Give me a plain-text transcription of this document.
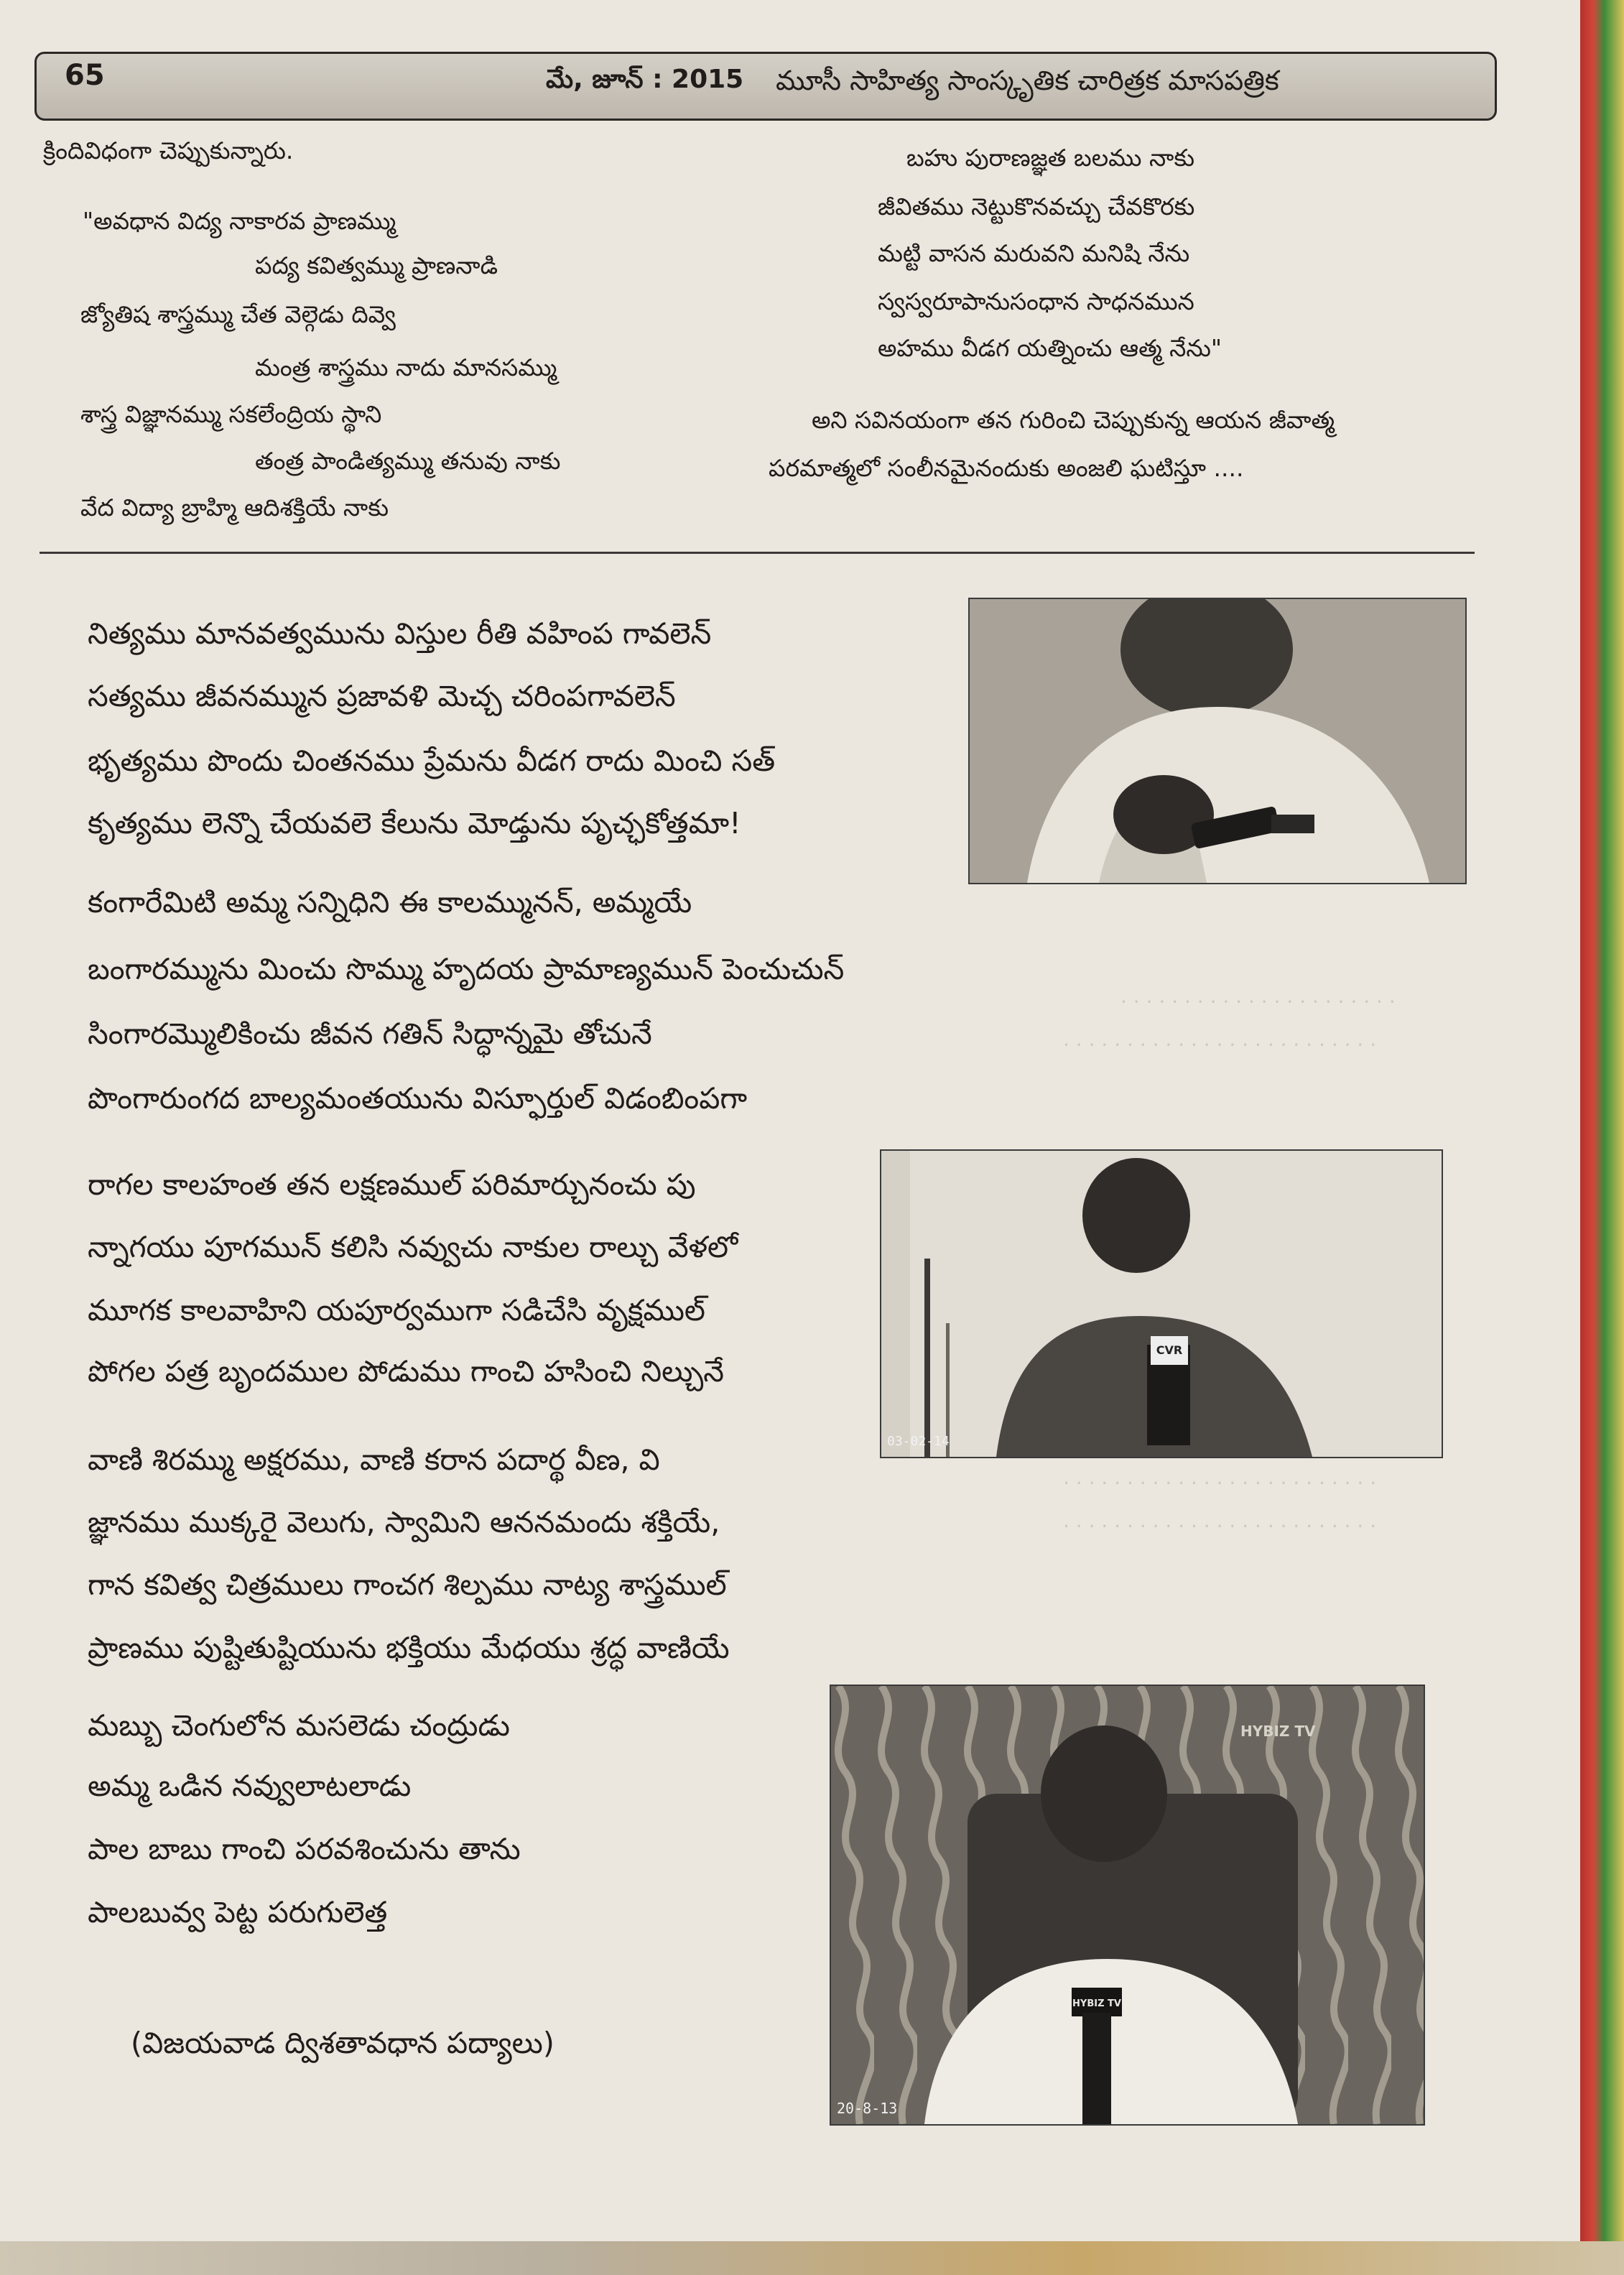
65	మే, జూన్ : 2015 మూసీ సాహిత్య సాంస్కృతిక చారిత్రక మాసపత్రిక
. . . . . . . . . . . . . . . . . . . . . .
. . . . . . . . . . . . . . . . . . . . . . . . .
. . . . . . . . . . . . . . . . . . . . . . . . .
. . . . . . . . . . . . . . . . . . . . . . . . .
క్రిందివిధంగా చెప్పుకున్నారు.
"అవధాన విద్య నాకారవ ప్రాణమ్ము
పద్య కవిత్వమ్ము ప్రాణనాడి
జ్యోతిష శాస్త్రమ్ము చేత వెల్గెడు దివ్వె
మంత్ర శాస్త్రము నాదు మానసమ్ము
శాస్త్ర విజ్ఞానమ్ము సకలేంద్రియ స్థాని
తంత్ర పాండిత్యమ్ము తనువు నాకు
వేద విద్యా బ్రాహ్మి ఆదిశక్తియే నాకు
బహు పురాణజ్ఞత బలము నాకు
జీవితము నెట్టుకొనవచ్చు చేవకొరకు
మట్టి వాసన మరువని మనిషి నేను
స్వస్వరూపానుసంధాన సాధనమున
అహము వీడగ యత్నించు ఆత్మ నేను"
అని సవినయంగా తన గురించి చెప్పుకున్న ఆయన జీవాత్మ
పరమాత్మలో సంలీనమైనందుకు అంజలి ఘటిస్తూ ....
నిత్యము మానవత్వమును విస్తుల రీతి వహింప గావలెన్
సత్యము జీవనమ్మున ప్రజావళి మెచ్చ చరింపగావలెన్
భృత్యము పొందు చింతనము ప్రేమను వీడగ రాదు మించి సత్
కృత్యము లెన్నొ చేయవలె కేలును మోడ్తును పృచ్ఛకోత్తమా!
కంగారేమిటి అమ్మ సన్నిధిని ఈ కాలమ్మునన్, అమ్మయే
బంగారమ్మును మించు సొమ్ము హృదయ ప్రామాణ్యమున్ పెంచుచున్
సింగారమ్మొలికించు జీవన గతిన్ సిద్ధాన్నమై తోచునే
పొంగారుంగద బాల్యమంతయును విస్ఫూర్తుల్ విడంబింపగా
రాగల కాలహంత తన లక్షణముల్ పరిమార్చునంచు పు
న్నాగయు పూగమున్ కలిసి నవ్వుచు నాకుల రాల్చు వేళలో
మూగక కాలవాహిని యపూర్వముగా సడిచేసి వృక్షముల్
పోగల పత్ర బృందముల పోడుము గాంచి హసించి నిల్చునే
వాణి శిరమ్ము అక్షరము, వాణి కరాన పదార్థ వీణ, వి
జ్ఞానము ముక్కరై వెలుగు, స్వామిని ఆననమందు శక్తియే,
గాన కవిత్వ చిత్రములు గాంచగ శిల్పము నాట్య శాస్త్రముల్
ప్రాణము పుష్టితుష్టియును భక్తియు మేధయు శ్రద్ధ వాణియే
మబ్బు చెంగులోన మసలెడు చంద్రుడు
అమ్మ ఒడిన నవ్వులాటలాడు
పాల బాబు గాంచి పరవశించును తాను
పాలబువ్వ పెట్ట పరుగులెత్త
(విజయవాడ ద్విశతావధాన పద్యాలు)
CVR
03-02-14
HYBIZ TV
HYBIZ TV
20-8-13
